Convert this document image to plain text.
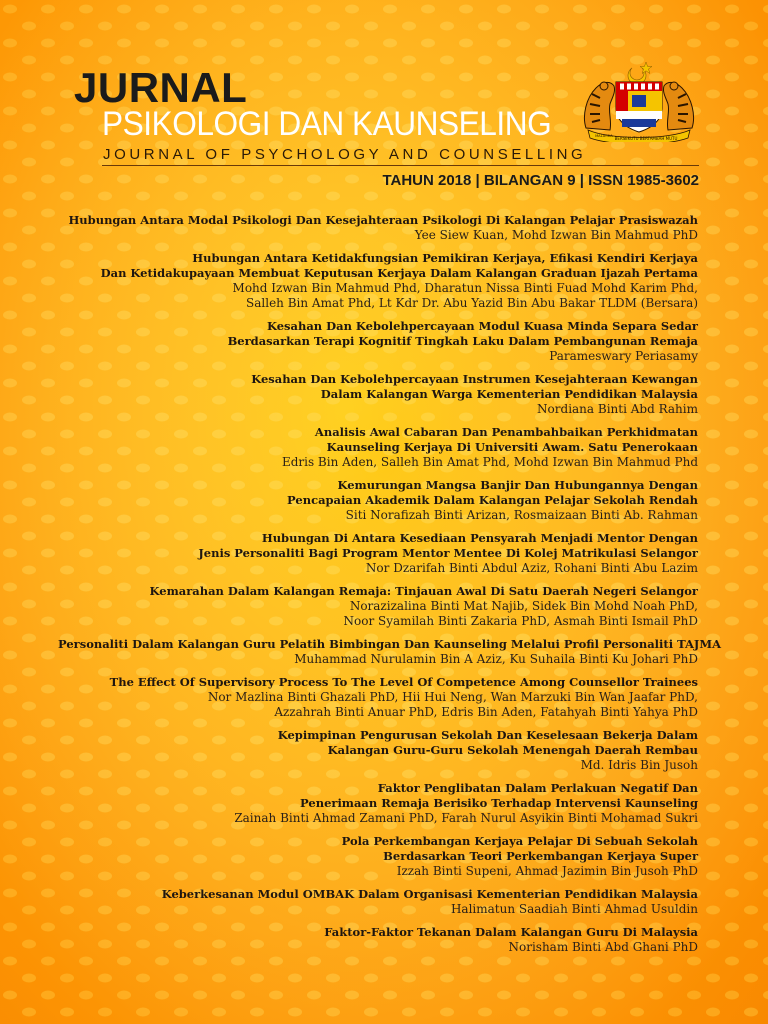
JURNAL
PSIKOLOGI DAN KAUNSELING
JOURNAL OF PSYCHOLOGY AND COUNSELLING
TAHUN 2018 | BILANGAN 9 | ISSN 1985-3602
BERSEKUTU BERTAMBAH MUTU
MALAYSIA
Hubungan Antara Modal Psikologi Dan Kesejahteraan Psikologi Di Kalangan Pelajar Prasiswazah
Yee Siew Kuan, Mohd Izwan Bin Mahmud PhD
Hubungan Antara Ketidakfungsian Pemikiran Kerjaya, Efikasi Kendiri Kerjaya
Dan Ketidakupayaan Membuat Keputusan Kerjaya Dalam Kalangan Graduan Ijazah Pertama
Mohd Izwan Bin Mahmud Phd, Dharatun Nissa Binti Fuad Mohd Karim Phd,
Salleh Bin Amat Phd, Lt Kdr Dr. Abu Yazid Bin Abu Bakar TLDM (Bersara)
Kesahan Dan Kebolehpercayaan Modul Kuasa Minda Separa Sedar
Berdasarkan Terapi Kognitif Tingkah Laku Dalam Pembangunan Remaja
Parameswary Periasamy
Kesahan Dan Kebolehpercayaan Instrumen Kesejahteraan Kewangan
Dalam Kalangan Warga Kementerian Pendidikan Malaysia
Nordiana Binti Abd Rahim
Analisis Awal Cabaran Dan Penambahbaikan Perkhidmatan
Kaunseling Kerjaya Di Universiti Awam. Satu Penerokaan
Edris Bin Aden, Salleh Bin Amat Phd, Mohd Izwan Bin Mahmud Phd
Kemurungan Mangsa Banjir Dan Hubungannya Dengan
Pencapaian Akademik Dalam Kalangan Pelajar Sekolah Rendah
Siti Norafizah Binti Arizan, Rosmaizaan Binti Ab. Rahman
Hubungan Di Antara Kesediaan Pensyarah Menjadi Mentor Dengan
Jenis Personaliti Bagi Program Mentor Mentee Di Kolej Matrikulasi Selangor
Nor Dzarifah Binti Abdul Aziz, Rohani Binti Abu Lazim
Kemarahan Dalam Kalangan Remaja: Tinjauan Awal Di Satu Daerah Negeri Selangor
Norazizalina Binti Mat Najib, Sidek Bin Mohd Noah PhD,
Noor Syamilah Binti Zakaria PhD, Asmah Binti Ismail PhD
Personaliti Dalam Kalangan Guru Pelatih Bimbingan Dan Kaunseling Melalui Profil Personaliti TAJMA
Muhammad Nurulamin Bin A Aziz, Ku Suhaila Binti Ku Johari PhD
The Effect Of Supervisory Process To The Level Of Competence Among Counsellor Trainees
Nor Mazlina Binti Ghazali PhD, Hii Hui Neng, Wan Marzuki Bin Wan Jaafar PhD,
Azzahrah Binti Anuar PhD, Edris Bin Aden, Fatahyah Binti Yahya PhD
Kepimpinan Pengurusan Sekolah Dan Keselesaan Bekerja Dalam
Kalangan Guru-Guru Sekolah Menengah Daerah Rembau
Md. Idris Bin Jusoh
Faktor Penglibatan Dalam Perlakuan Negatif Dan
Penerimaan Remaja Berisiko Terhadap Intervensi Kaunseling
Zainah Binti Ahmad Zamani PhD, Farah Nurul Asyikin Binti Mohamad Sukri
Pola Perkembangan Kerjaya Pelajar Di Sebuah Sekolah
Berdasarkan Teori Perkembangan Kerjaya Super
Izzah Binti Supeni, Ahmad Jazimin Bin Jusoh PhD
Keberkesanan Modul OMBAK Dalam Organisasi Kementerian Pendidikan Malaysia
Halimatun Saadiah Binti Ahmad Usuldin
Faktor-Faktor Tekanan Dalam Kalangan Guru Di Malaysia
Norisham Binti Abd Ghani PhD
